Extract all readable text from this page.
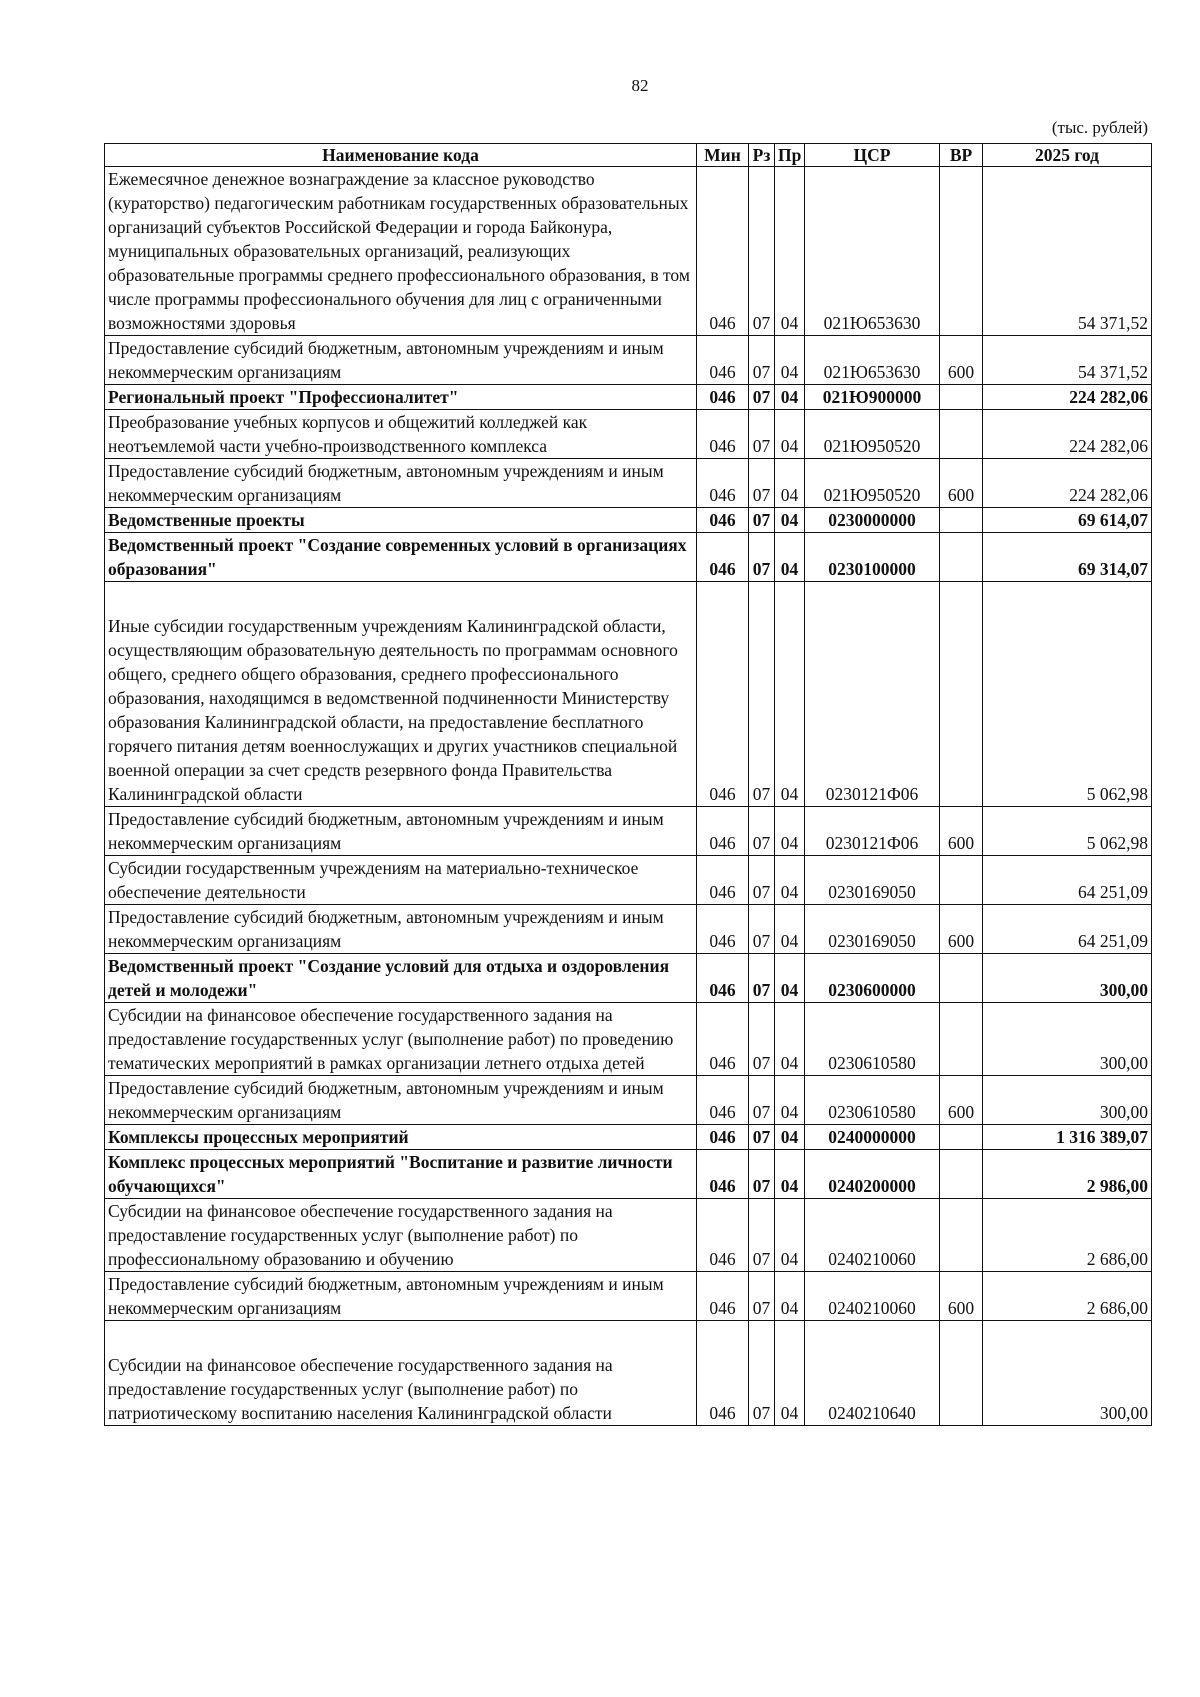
82
(тыс. рублей)
Наименование кода	Мин	Рз	Пр	ЦСР	ВР	2025 год
Ежемесячное денежное вознаграждение за классное руководство (кураторство) педагогическим работникам государственных образовательных организаций субъектов Российской Федерации и города Байконура, муниципальных образовательных организаций, реализующих образовательные программы среднего профессионального образования, в том числе программы профессионального обучения для лиц с ограниченными возможностями здоровья	046	07	04	021Ю653630		54 371,52
Предоставление субсидий бюджетным, автономным учреждениям и иным некоммерческим организациям	046	07	04	021Ю653630	600	54 371,52
Региональный проект "Профессионалитет"	046	07	04	021Ю900000		224 282,06
Преобразование учебных корпусов и общежитий колледжей как неотъемлемой части учебно-производственного комплекса	046	07	04	021Ю950520		224 282,06
Предоставление субсидий бюджетным, автономным учреждениям и иным некоммерческим организациям	046	07	04	021Ю950520	600	224 282,06
Ведомственные проекты	046	07	04	0230000000		69 614,07
Ведомственный проект "Создание современных условий в организациях образования"	046	07	04	0230100000		69 314,07
Иные субсидии государственным учреждениям Калининградской области, осуществляющим образовательную деятельность по программам основного общего, среднего общего образования, среднего профессионального образования, находящимся в ведомственной подчиненности Министерству образования Калининградской области, на предоставление бесплатного горячего питания детям военнослужащих и других участников специальной военной операции за счет средств резервного фонда Правительства Калининградской области	046	07	04	0230121Ф06		5 062,98
Предоставление субсидий бюджетным, автономным учреждениям и иным некоммерческим организациям	046	07	04	0230121Ф06	600	5 062,98
Субсидии государственным учреждениям на материально-техническое обеспечение деятельности	046	07	04	0230169050		64 251,09
Предоставление субсидий бюджетным, автономным учреждениям и иным некоммерческим организациям	046	07	04	0230169050	600	64 251,09
Ведомственный проект "Создание условий для отдыха и оздоровления детей и молодежи"	046	07	04	0230600000		300,00
Субсидии на финансовое обеспечение государственного задания на предоставление государственных услуг (выполнение работ) по проведению тематических мероприятий в рамках организации летнего отдыха детей	046	07	04	0230610580		300,00
Предоставление субсидий бюджетным, автономным учреждениям и иным некоммерческим организациям	046	07	04	0230610580	600	300,00
Комплексы процессных мероприятий	046	07	04	0240000000		1 316 389,07
Комплекс процессных мероприятий "Воспитание и развитие личности обучающихся"	046	07	04	0240200000		2 986,00
Субсидии на финансовое обеспечение государственного задания на предоставление государственных услуг (выполнение работ) по профессиональному образованию и обучению	046	07	04	0240210060		2 686,00
Предоставление субсидий бюджетным, автономным учреждениям и иным некоммерческим организациям	046	07	04	0240210060	600	2 686,00
Субсидии на финансовое обеспечение государственного задания на предоставление государственных услуг (выполнение работ) по патриотическому воспитанию населения Калининградской области	046	07	04	0240210640		300,00
